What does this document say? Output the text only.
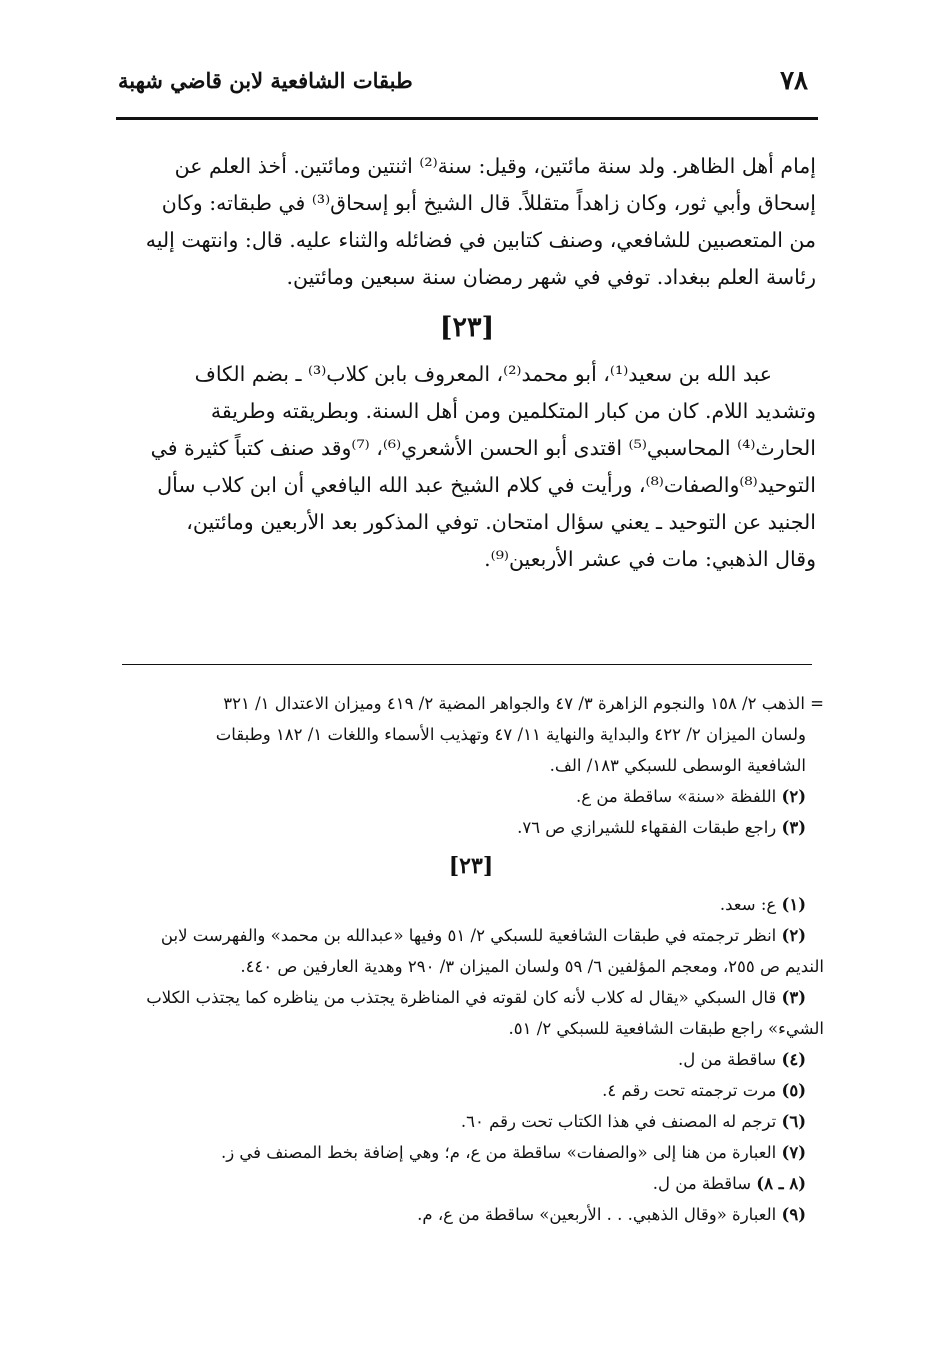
٧٨
طبقات الشافعية لابن قاضي شهبة

إمام أهل الظاهر. ولد سنة مائتين، وقيل: سنة⁽²⁾ اثنتين ومائتين. أخذ العلم عن

إسحاق وأبي ثور، وكان زاهداً متقللاً. قال الشيخ أبو إسحاق⁽³⁾ في طبقاته: وكان

من المتعصبين للشافعي، وصنف كتابين في فضائله والثناء عليه. قال: وانتهت إليه

رئاسة العلم ببغداد. توفي في شهر رمضان سنة سبعين ومائتين.

[٢٣]

عبد الله بن سعيد⁽¹⁾، أبو محمد⁽²⁾، المعروف بابن كلاب⁽³⁾ ـ بضم الكاف

وتشديد اللام. كان من كبار المتكلمين ومن أهل السنة. وبطريقته وطريقة

الحارث⁽⁴⁾ المحاسبي⁽⁵⁾ اقتدى أبو الحسن الأشعري⁽⁶⁾، ⁽⁷⁾وقد صنف كتباً كثيرة في

التوحيد⁽⁸⁾والصفات⁽⁸⁾، ورأيت في كلام الشيخ عبد الله اليافعي أن ابن كلاب سأل

الجنيد عن التوحيد ـ يعني سؤال امتحان. توفي المذكور بعد الأربعين ومائتين،

وقال الذهبي: مات في عشر الأربعين⁽⁹⁾.

= الذهب ٢/ ١٥٨ والنجوم الزاهرة ٣/ ٤٧ والجواهر المضية ٢/ ٤١٩ وميزان الاعتدال ١/ ٣٢١

ولسان الميزان ٢/ ٤٢٢ والبداية والنهاية ١١/ ٤٧ وتهذيب الأسماء واللغات ١/ ١٨٢ وطبقات

الشافعية الوسطى للسبكي ١٨٣/ الف.

(٢) اللفظة «سنة» ساقطة من ع.

(٣) راجع طبقات الفقهاء للشيرازي ص ٧٦.

[٢٣]

(١) ع: سعد.

(٢) انظر ترجمته في طبقات الشافعية للسبكي ٢/ ٥١ وفيها «عبدالله بن محمد» والفهرست لابن

النديم ص ٢٥٥، ومعجم المؤلفين ٦/ ٥٩ ولسان الميزان ٣/ ٢٩٠ وهدية العارفين ص ٤٤٠.

(٣) قال السبكي «يقال له كلاب لأنه كان لقوته في المناظرة يجتذب من يناظره كما يجتذب الكلاب

الشيء» راجع طبقات الشافعية للسبكي ٢/ ٥١.

(٤) ساقطة من ل.

(٥) مرت ترجمته تحت رقم ٤.

(٦) ترجم له المصنف في هذا الكتاب تحت رقم ٦٠.

(٧) العبارة من هنا إلى «والصفات» ساقطة من ع، م؛ وهي إضافة بخط المصنف في ز.

(٨ ـ ٨) ساقطة من ل.

(٩) العبارة «وقال الذهبي. . . الأربعين» ساقطة من ع، م.
